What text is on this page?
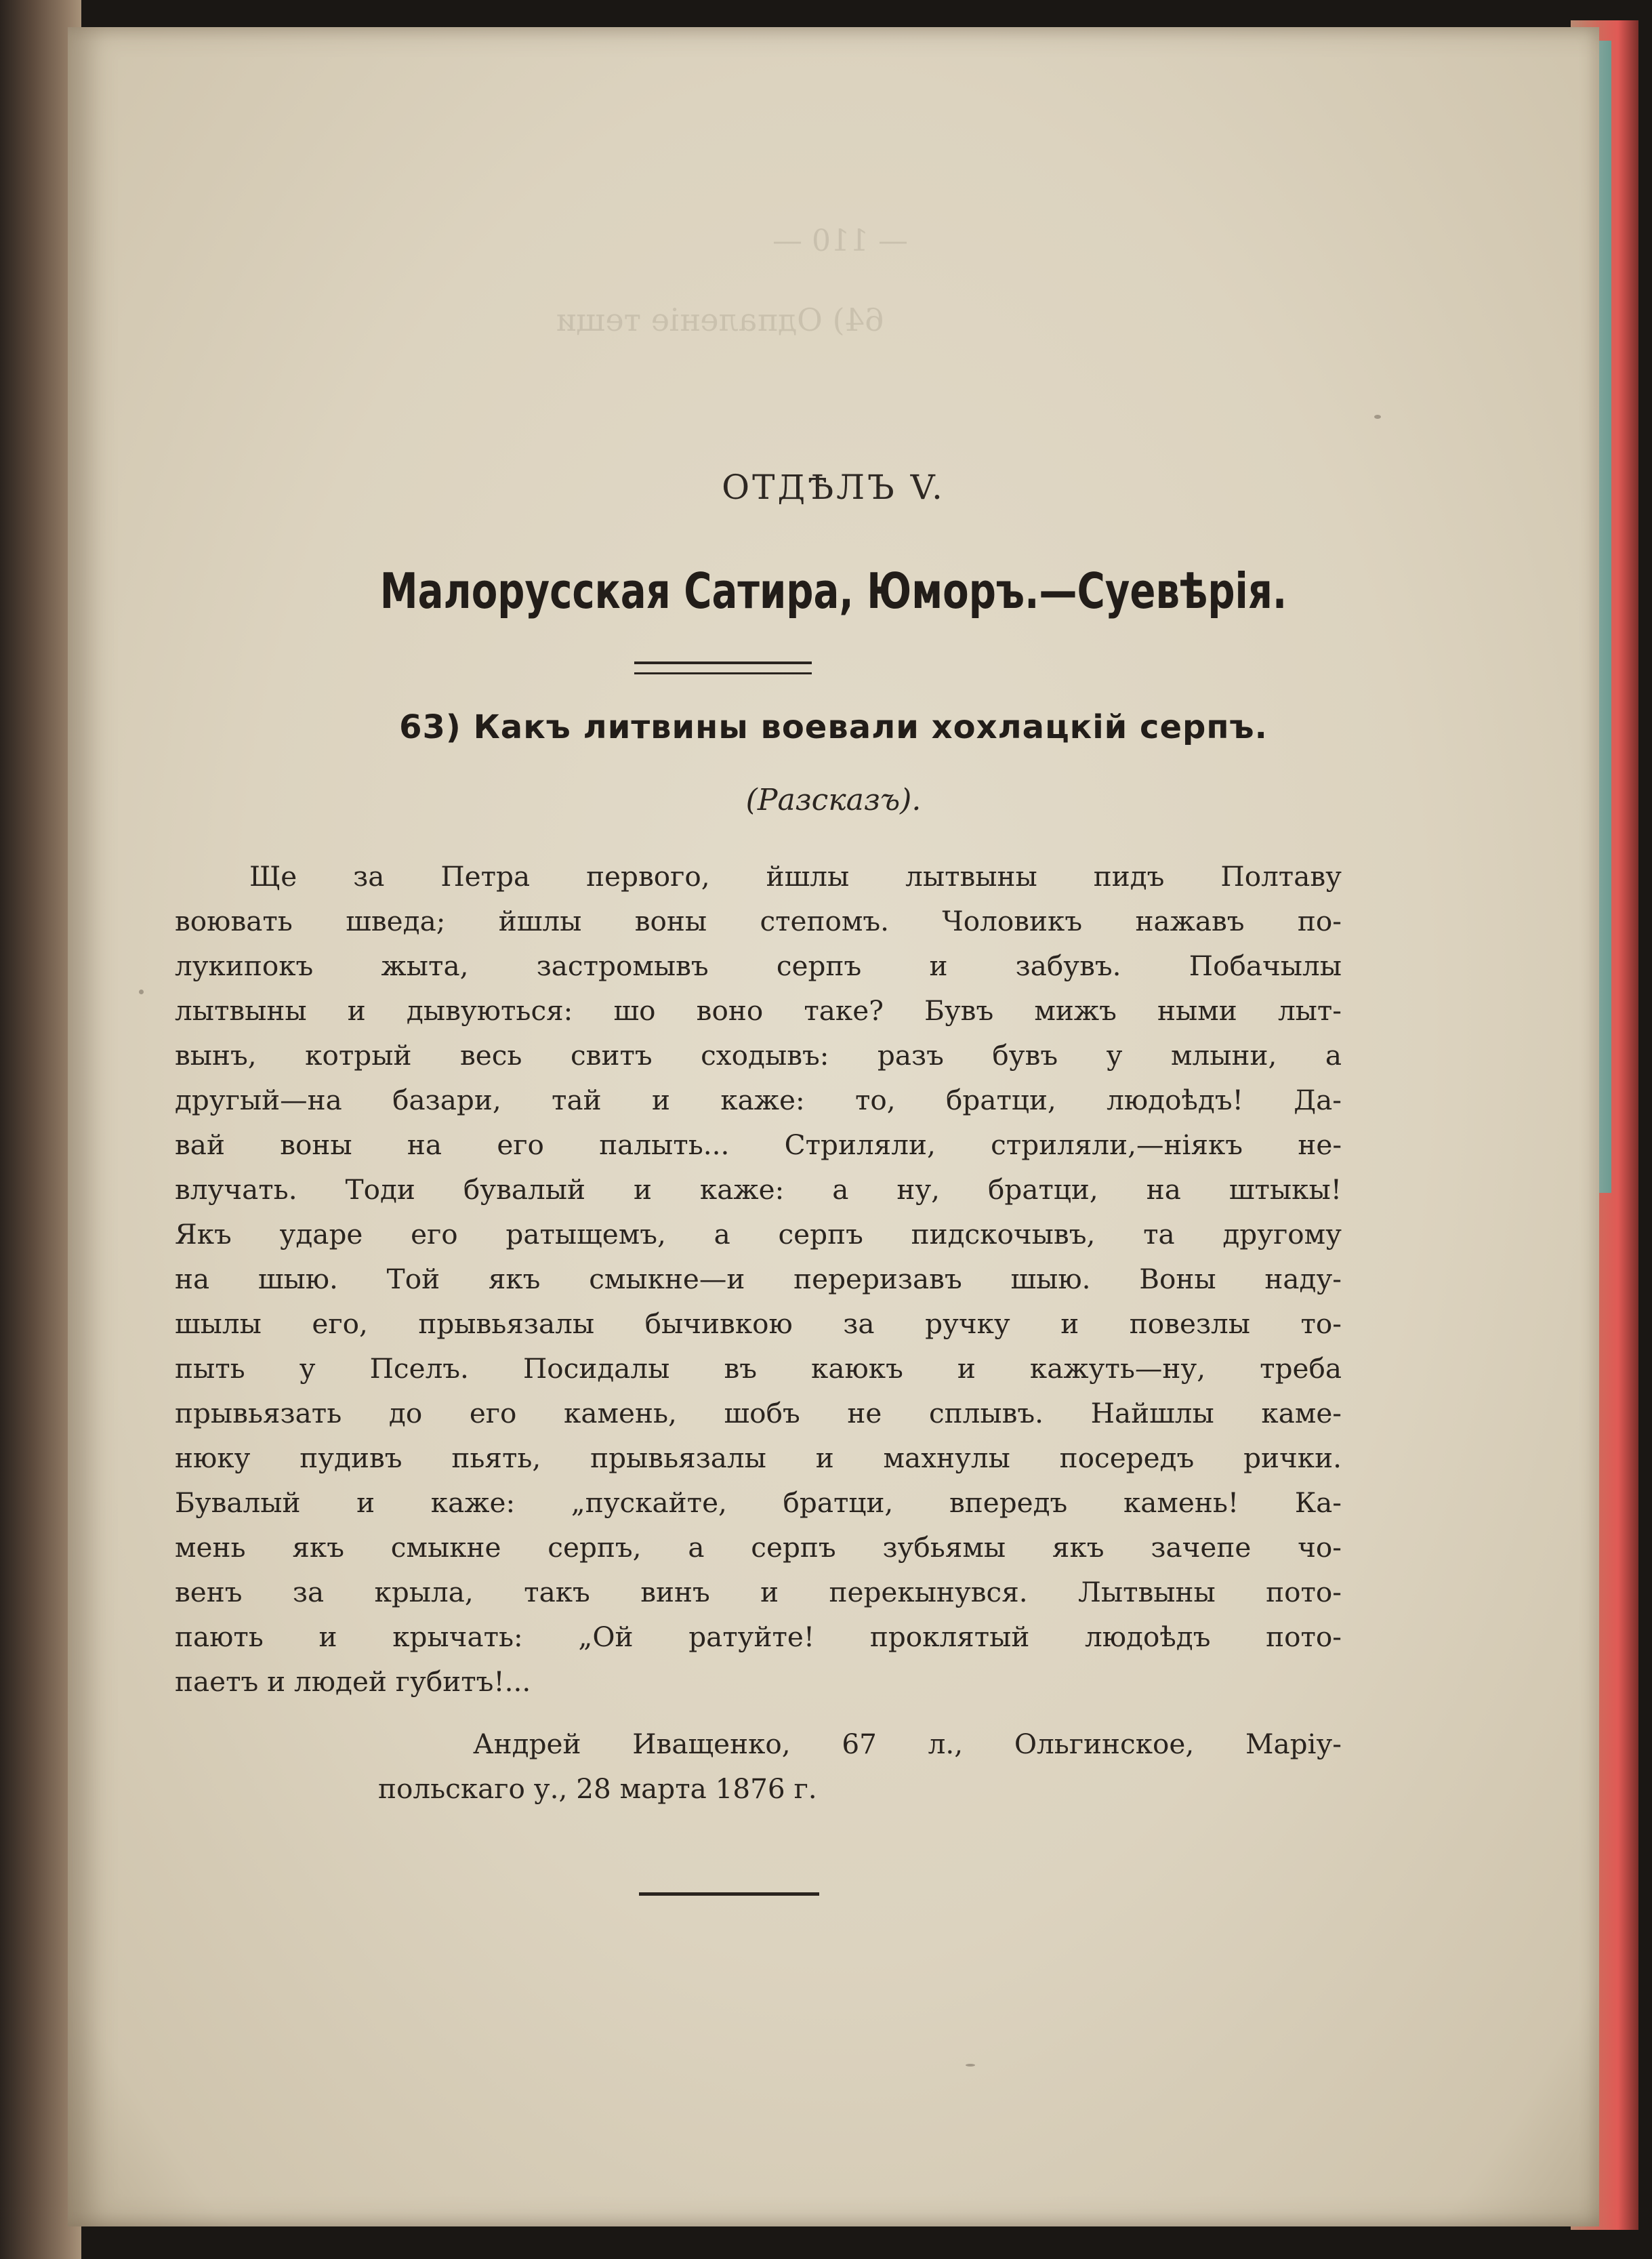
— 110 —
64) Одпаленіе тещи
ОТДѢЛЪ V.
Малорусская Сатира, Юморъ.—Суевѣрія.
63) Какъ литвины воевали хохлацкій серпъ.
(Разсказъ).
Ще за Петра первого, йшлы лытвыны пидъ Полтаву
воювать шведа; йшлы воны степомъ. Чоловикъ нажавъ по-
лукипокъ жыта, застромывъ серпъ и забувъ. Побачылы
лытвыны и дывуються: шо воно таке? Бувъ мижъ ными лыт-
вынъ, котрый весь свитъ сходывъ: разъ бувъ у млыни, а
другый—на базари, тай и каже: то, братци, людоѣдъ! Да-
вай воны на его палыть... Стриляли, стриляли,—ніякъ не-
влучать. Тоди бувалый и каже: а ну, братци, на штыкы!
Якъ ударе его ратыщемъ, а серпъ пидскочывъ, та другому
на шыю. Той якъ смыкне—и переризавъ шыю. Воны наду-
шылы его, прывьязалы бычивкою за ручку и повезлы то-
пыть у Пселъ. Посидалы въ каюкъ и кажуть—ну, треба
прывьязать до его камень, шобъ не сплывъ. Найшлы каме-
нюку пудивъ пьять, прывьязалы и махнулы посередъ рички.
Бувалый и каже: „пускайте, братци, впередъ камень! Ка-
мень якъ смыкне серпъ, а серпъ зубьямы якъ зачепе чо-
венъ за крыла, такъ винъ и перекынувся. Лытвыны пото-
пають и крычать: „Ой ратуйте! проклятый людоѣдъ пото-
паетъ и людей губитъ!...
Андрей Иващенко, 67 л., Ольгинское, Маріу-
польскаго у., 28 марта 1876 г.
